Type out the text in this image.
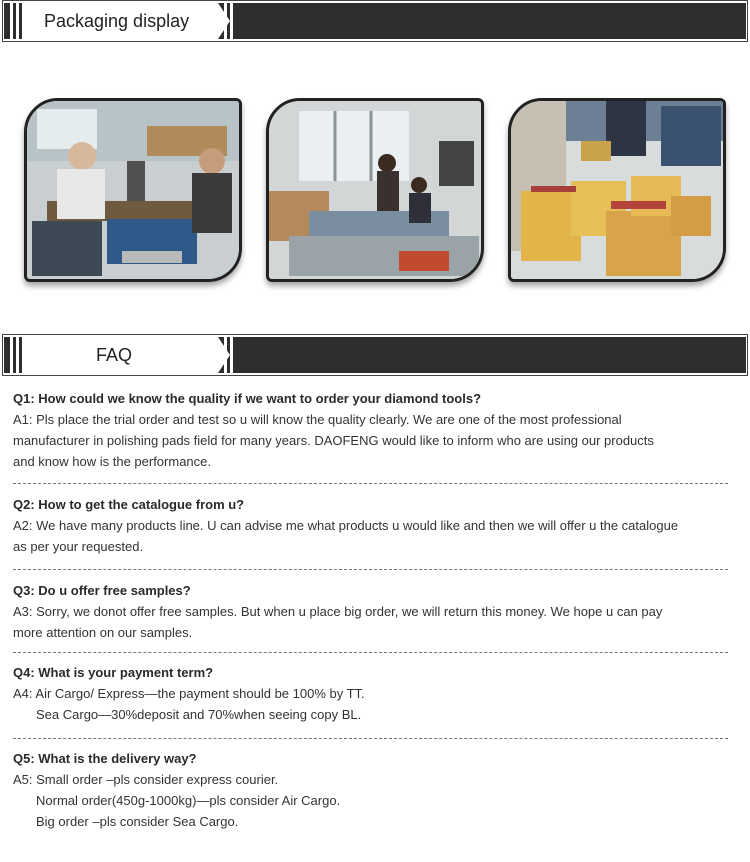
Packaging display
FAQ
Q1: How could we know the quality if we want to order your diamond tools?
A1: Pls place the trial order and test so u will know the quality clearly. We are one of the most professional
manufacturer in polishing pads field for many years. DAOFENG would like to inform who are using our products
and know how is the performance.
Q2: How to get the catalogue from u?
A2: We have many products line. U can advise me what products u would like and then we will offer u the catalogue
as per your requested.
Q3: Do u offer free samples?
A3: Sorry, we donot offer free samples. But when u place big order, we will return this money. We hope u can pay
more attention on our samples.
Q4: What is your payment term?
A4: Air Cargo/ Express—the payment should be 100% by TT.
Sea Cargo—30%deposit and 70%when seeing copy BL.
Q5: What is the delivery way?
A5: Small order –pls consider express courier.
Normal order(450g-1000kg)—pls consider Air Cargo.
Big order –pls consider Sea Cargo.
